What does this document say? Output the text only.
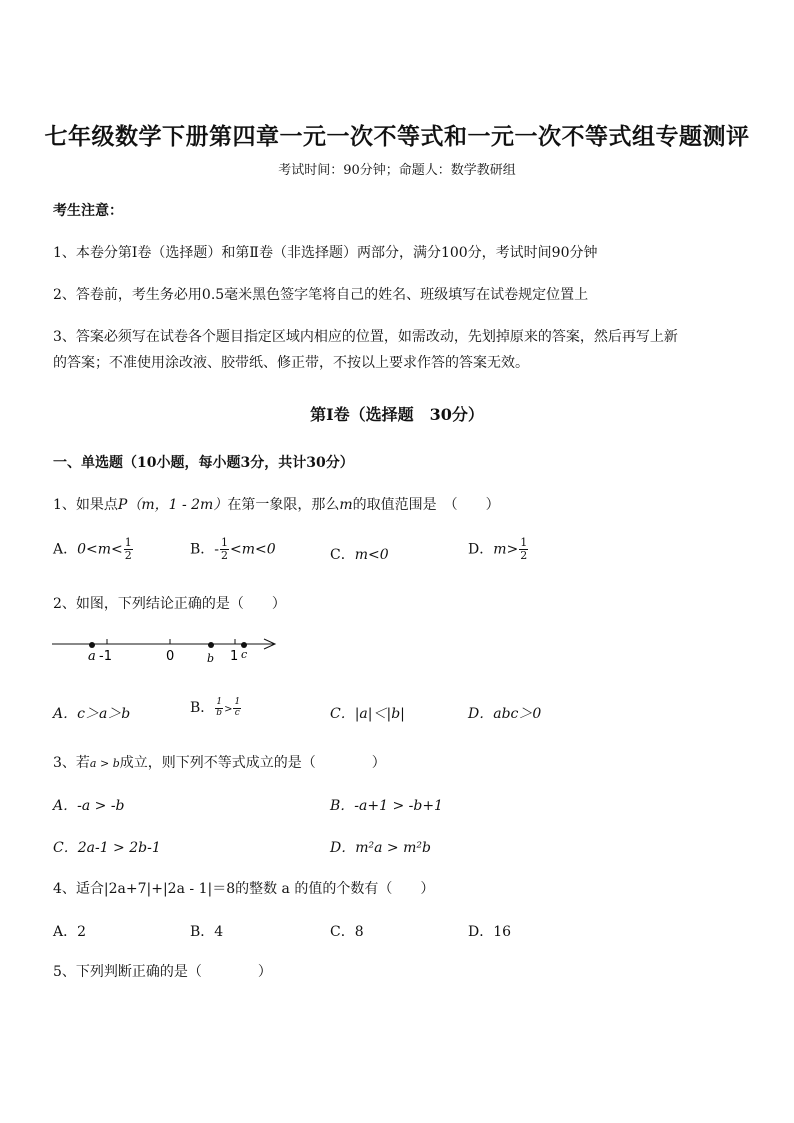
七年级数学下册第四章一元一次不等式和一元一次不等式组专题测评
考试时间：90分钟；命题人：数学教研组
考生注意：
1、本卷分第Ⅰ卷（选择题）和第Ⅱ卷（非选择题）两部分，满分100分，考试时间90分钟
2、答卷前，考生务必用0.5毫米黑色签字笔将自己的姓名、班级填写在试卷规定位置上
3、答案必须写在试卷各个题目指定区域内相应的位置，如需改动，先划掉原来的答案，然后再写上新
的答案；不准使用涂改液、胶带纸、修正带，不按以上要求作答的答案无效。
第Ⅰ卷（选择题　30分）
一、单选题（10小题，每小题3分，共计30分）
1、如果点P（m，1 - 2m）在第一象限，那么m的取值范围是　（　　）
A．$0<m< \frac{1}{2}$	B．- $\frac{1}{2} <m<0$	C．m<0	D．$m> \frac{1}{2}$
2、如图，下列结论正确的是（　　）
a -1	0	b 1 c
A．c＞a＞b	B． $\frac{1}{b} > \frac{1}{c}$	C．|a|＜|b|	D．abc＞0
3、若a > b成立，则下列不等式成立的是（　　　　）
A．-a > -b	B．-a+1 > -b+1
C．2a-1 > 2b-1	D．m²a > m²b
4、适合|2a+7|+|2a - 1|＝8的整数 a 的值的个数有（　　）
A．2	B．4	C．8	D．16
5、下列判断正确的是（　　　　）
